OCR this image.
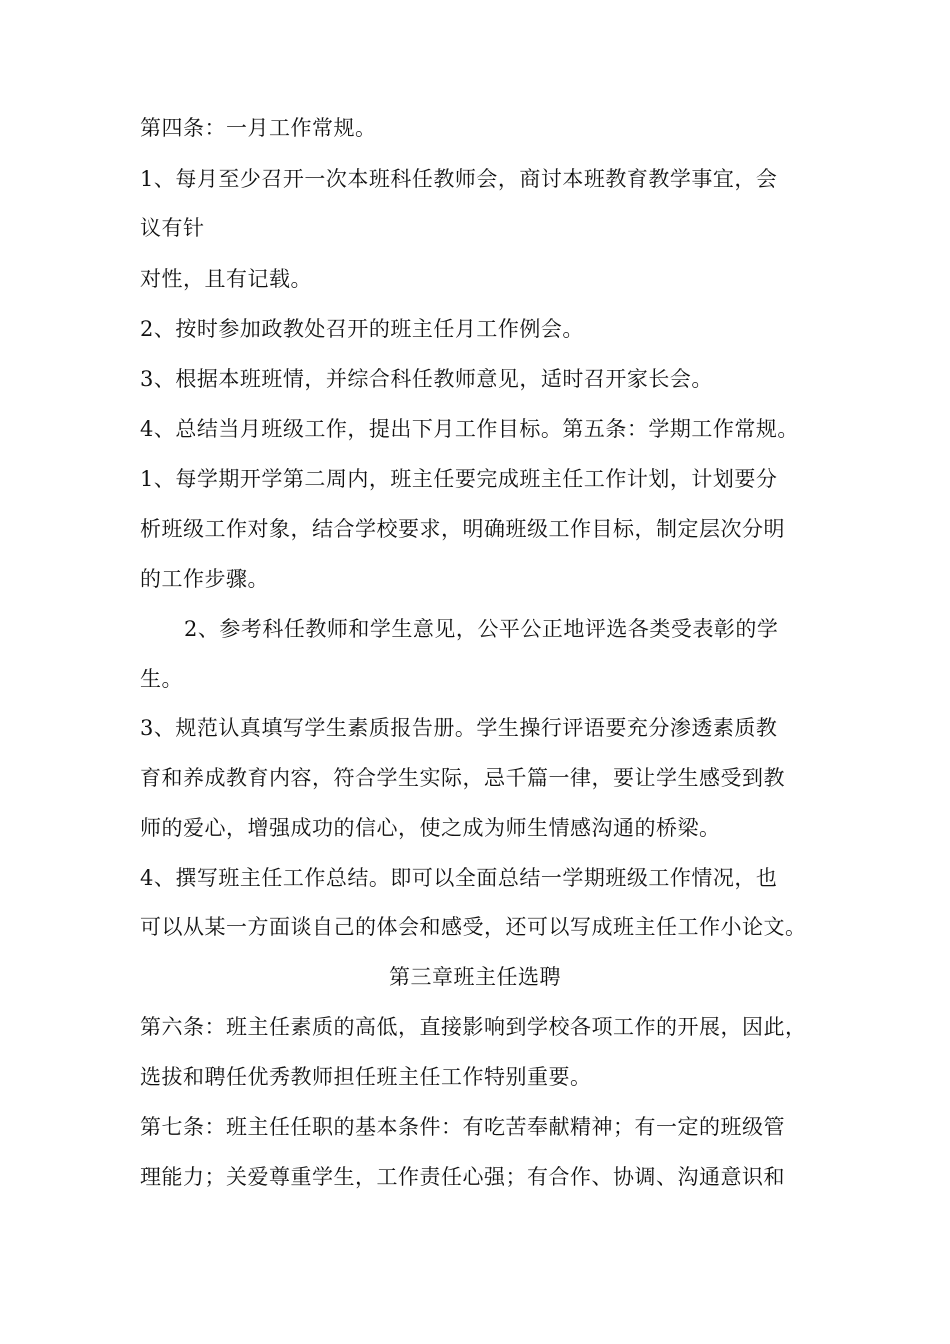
第四条：一月工作常规。
1、每月至少召开一次本班科任教师会，商讨本班教育教学事宜，会
议有针
对性，且有记载。
2、按时参加政教处召开的班主任月工作例会。
3、根据本班班情，并综合科任教师意见，适时召开家长会。
4、总结当月班级工作，提出下月工作目标。第五条：学期工作常规。
1、每学期开学第二周内，班主任要完成班主任工作计划，计划要分
析班级工作对象，结合学校要求，明确班级工作目标，制定层次分明
的工作步骤。
2、参考科任教师和学生意见，公平公正地评选各类受表彰的学
生。
3、规范认真填写学生素质报告册。学生操行评语要充分渗透素质教
育和养成教育内容，符合学生实际，忌千篇一律，要让学生感受到教
师的爱心，增强成功的信心，使之成为师生情感沟通的桥梁。
4、撰写班主任工作总结。即可以全面总结一学期班级工作情况，也
可以从某一方面谈自己的体会和感受，还可以写成班主任工作小论文。
第三章班主任选聘
第六条：班主任素质的高低，直接影响到学校各项工作的开展，因此，
选拔和聘任优秀教师担任班主任工作特别重要。
第七条：班主任任职的基本条件：有吃苦奉献精神；有一定的班级管
理能力；关爱尊重学生，工作责任心强；有合作、协调、沟通意识和
